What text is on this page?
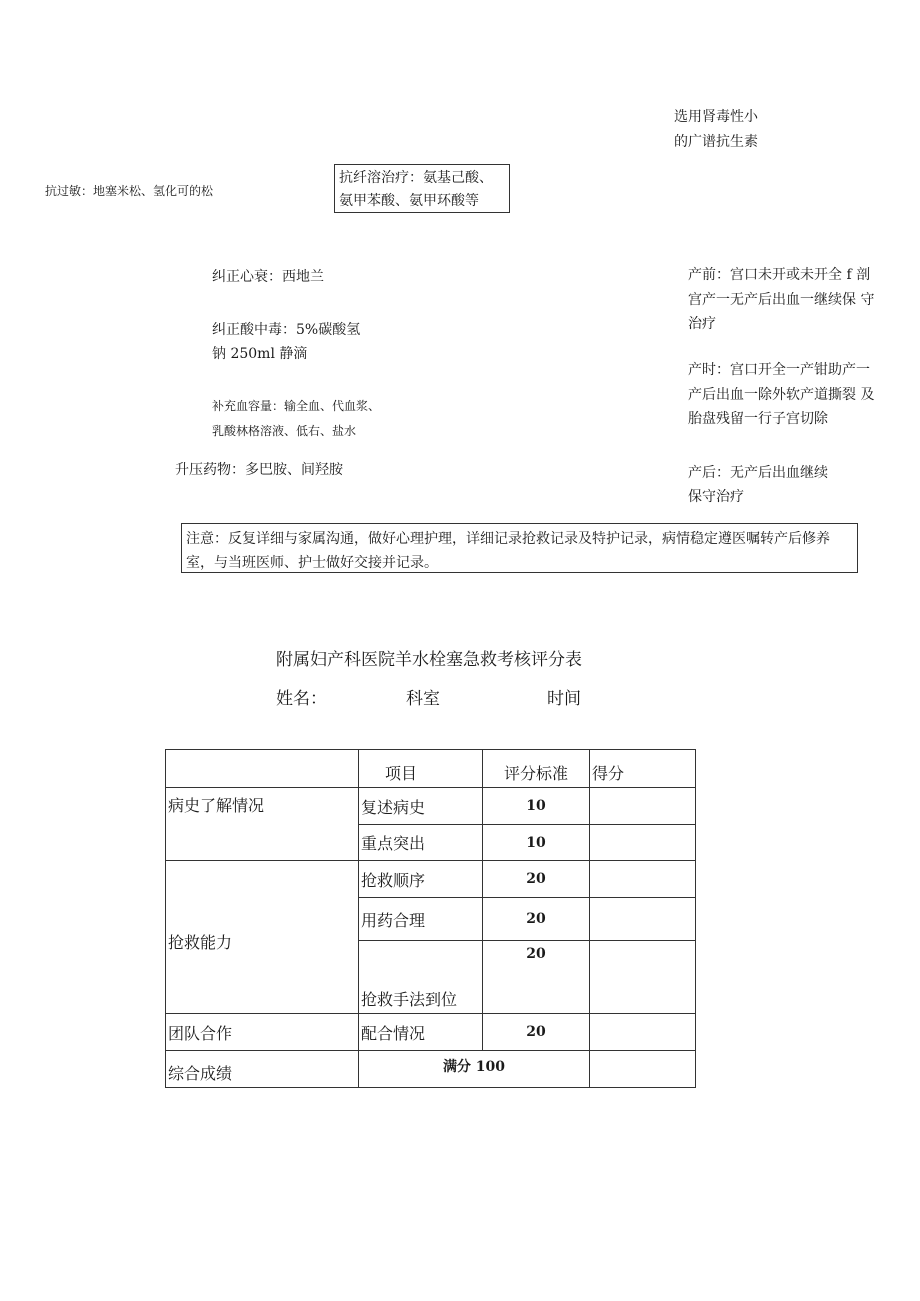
选用肾毒性小
的广谱抗生素
抗过敏：地塞米松、氢化可的松
抗纤溶治疗：氨基己酸、
氨甲苯酸、氨甲环酸等
纠正心衰：西地兰
纠正酸中毒：5%碳酸氢
钠 250ml 静滴
补充血容量：输全血、代血浆、
乳酸林格溶液、低右、盐水
升压药物：多巴胺、间羟胺
产前：宫口未开或未开全 f 剖
宫产一无产后出血一继续保 守
治疗
产时：宫口开全一产钳助产一
产后出血一除外软产道撕裂 及
胎盘残留一行子宫切除
产后：无产后出血继续
保守治疗
注意：反复详细与家属沟通，做好心理护理，详细记录抢救记录及特护记录，病情稳定遵医嘱转产后修养室，与当班医师、护士做好交接并记录。
附属妇产科医院羊水栓塞急救考核评分表
姓名：	科室	时间
	项目	评分标准	得分
病史了解情况	复述病史	10	
	重点突出	10	
抢救能力	抢救顺序	20	
	用药合理	20	
	抢救手法到位	20	
团队合作	配合情况	20	
综合成绩	满分 100		
